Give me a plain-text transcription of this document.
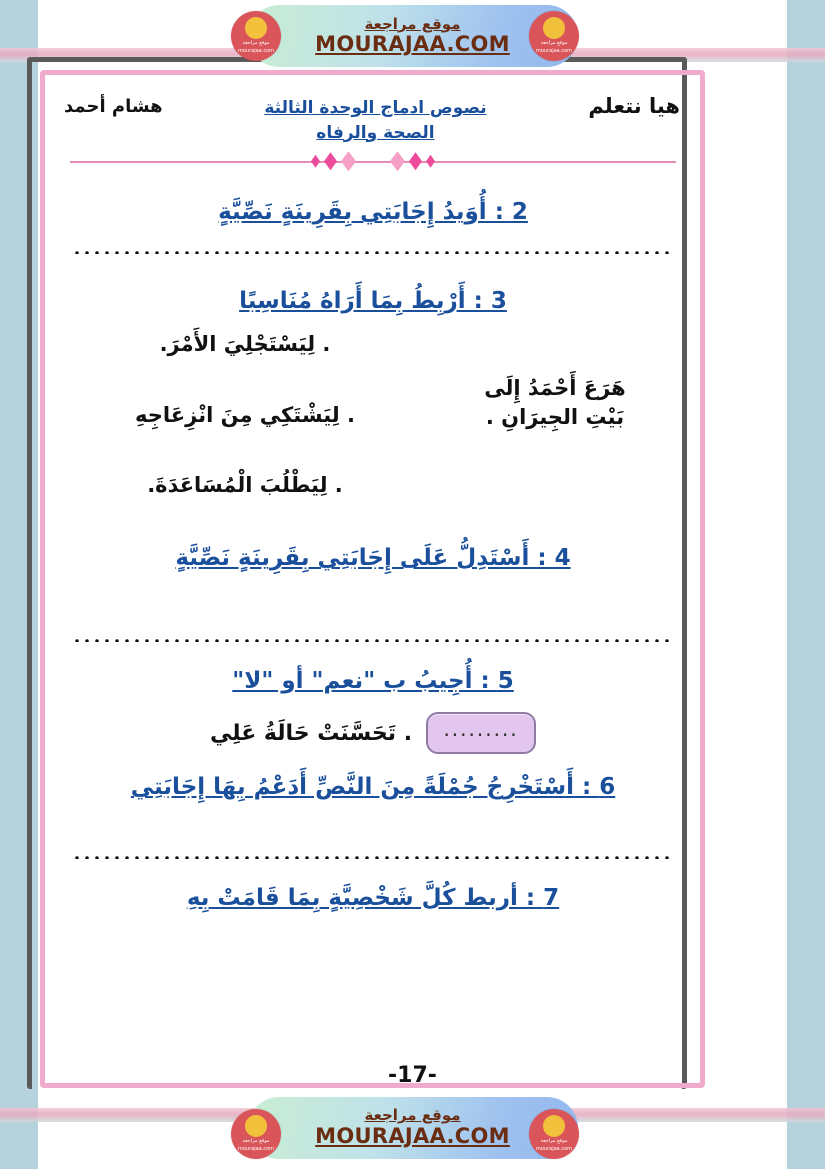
موقع مراجعة
mourajaa.com
موقع مراجعة
MOURAJAA.COM	موقع مراجعة
mourajaa.com
هيا نتعلم
نصوص ادماج الوحدة الثالثة
الصحة والرفاه
هشام أحمد
2 : أُوَيدُ إِجَابَتِي بِقَرِينَةٍ نَصِّيَّةٍ
3 : أَرْبِطُ بِمَا أَرَاهُ مُنَاسِبًا
هَرَعَ أَحْمَدُ إِلَى
بَيْتِ الجِيرَانِ .
. لِيَسْتَجْلِيَ الأَمْرَ.
. لِيَشْتَكِي مِنَ انْزِعَاجِهِ
. لِيَطْلُبَ الْمُسَاعَدَةَ.
4 : أَسْتَدِلُّ عَلَى إِجَابَتِي بِقَرِينَةٍ نَصِّيَّةٍ
5 : أُجِيبُ ب "نعم" أو "لا"
.........
. تَحَسَّنَتْ حَالَةُ عَلِي
6 : أَسْتَخْرِجُ جُمْلَةً مِنَ النَّصِّ أَدَعْمُ بِهَا إِجَابَتِي
7 : أربط كُلَّ شَخْصِيَّةٍ بِمَا قَامَتْ بِهِ
-17-
موقع مراجعة
mourajaa.com
موقع مراجعة
MOURAJAA.COM	موقع مراجعة
mourajaa.com
